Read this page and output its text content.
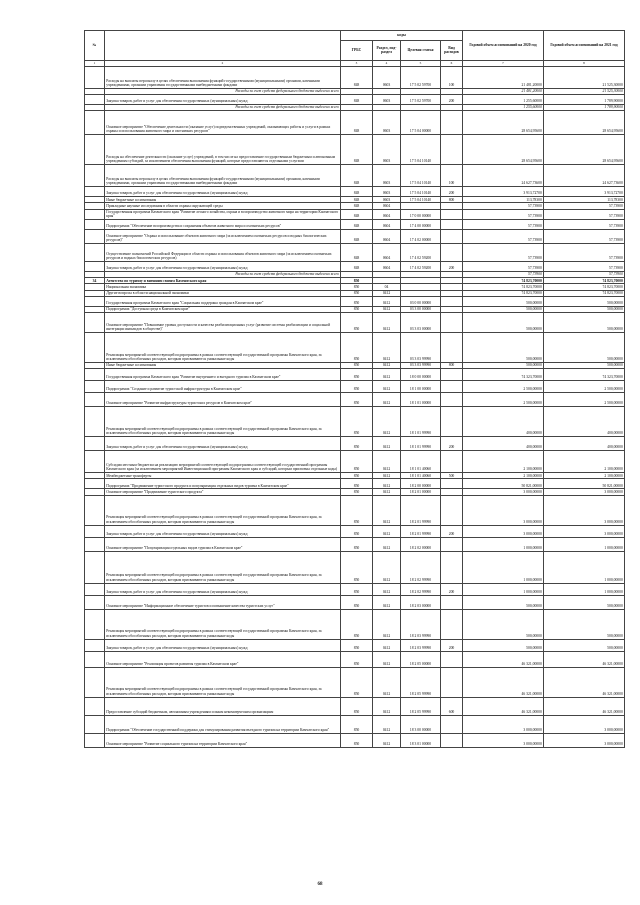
№		коды				Годовой объем ассигнований на 2020 год	Годовой объем ассигнований на 2021 год
		ГРБС	Раздел, под-раздел	Целевая статья	Вид расходов		
1	2	3	4	5	6	7	8
	Расходы на выплаты персоналу в целях обеспечения выполнения функций государственными (муниципальными) органами, казенными учреждениями, органами управления государственными внебюджетными фондами	848	0603	17 5 02 59700	100	21 481,20000	21 525,30000
	Расходы за счет средств федерального бюджета выделено всего					21 481,20000	21 525,30000
	Закупка товаров, работ и услуг для обеспечения государственных (муниципальных) нужд	848	0603	17 5 02 59700	200	1 255,60000	1 789,90000
	Расходы за счет средств федерального бюджета выделено всего					1 255,60000	1 789,90000
	Основное мероприятие "Обеспечение деятельности (оказание услуг) подведомственных учреждений, оказывающих работы и услуги в рамках охраны и использования животного мира и охотничьих ресурсов"	848	0603	17 5 04 00000		28 654,95600	28 654,95600
	Расходы на обеспечение деятельности (оказание услуг) учреждений, в том числе на предоставление государственным бюджетным и автономным учреждениям субсидий, за исключением обеспечения выполнения функций, которые предоставляются отдельными услугами	848	0603	17 5 04 10140		28 654,95600	28 654,95600
	Расходы на выплаты персоналу в целях обеспечения выполнения функций государственными (муниципальными) органами, казенными учреждениями, органами управления государственными внебюджетными фондами	848	0603	17 5 04 10140	100	24 627,73600	24 627,73600
	Закупка товаров, работ и услуг для обеспечения государственных (муниципальных) нужд	848	0603	17 5 04 10140	200	3 913,72700	3 913,72700
	Иные бюджетные ассигнования	848	0603	17 5 04 10140	800	113,78300	113,78300
	Прикладные научные исследования в области охраны окружающей среды	848	0604			57,73900	57,73900
	Государственная программа Камчатского края "Развитие лесного хозяйства, охрана и воспроизводство животного мира на территории Камчатского края"	848	0604	17 0 00 00000		57,73900	57,73900
	Подпрограмма "Обеспечение воспроизводства и сохранения объектов животного мира и охотничьих ресурсов"	848	0604	17 4 00 00000		57,73900	57,73900
	Основное мероприятие "Охрана и использование объектов животного мира (за исключением охотничьих ресурсов и водных биологических ресурсов)"	848	0604	17 4 02 00000		57,73900	57,73900
	Осуществление полномочий Российской Федерации в области охраны и использования объектов животного мира (за исключением охотничьих ресурсов и водных биологических ресурсов)	848	0604	17 4 02 59200		57,73900	57,73900
	Закупка товаров, работ и услуг для обеспечения государственных (муниципальных) нужд	848	0604	17 4 02 59200	200	57,73900	57,73900
	Расходы за счет средств федерального бюджета выделено всего					57,73900	57,73900
34	Агентство по туризму и внешним связям Камчатского края	850				74 823,70000	74 823,70000
	Национальная экономика	850	04			74 823,70000	74 823,70000
	Другие вопросы в области национальной экономики	850	0412			74 823,70000	74 823,70000
	Государственная программа Камчатского края "Социальная поддержка граждан в Камчатском крае"	850	0412	03 0 00 00000		500,00000	500,00000
	Подпрограмма "Доступная среда в Камчатском крае"	850	0412	03 3 00 00000		500,00000	500,00000
	Основное мероприятие "Повышение уровня доступности и качества реабилитационных услуг (развитие системы реабилитации и социальной интеграции инвалидов в обществе)"	850	0412	03 3 03 00000		500,00000	500,00000
	Реализация мероприятий соответствующей подпрограммы в рамках соответствующей государственной программы Камчатского края, за исключением обособленных расходов, которым присваиваются уникальные коды	850	0412	03 3 03 99990		500,00000	500,00000
	Иные бюджетные ассигнования	850	0412	03 3 03 99990	800	500,00000	500,00000
	Государственная программа Камчатского края "Развитие внутреннего и въездного туризма в Камчатском крае"	850	0412	18 0 00 00000		74 323,70000	74 323,70000
	Подпрограмма "Создание и развитие туристской инфраструктуры в Камчатском крае"	850	0412	18 1 00 00000		2 500,00000	2 500,00000
	Основное мероприятие "Развитие инфраструктуры туристских ресурсов в Камчатском крае"	850	0412	18 1 01 00000		2 500,00000	2 500,00000
	Реализация мероприятий соответствующей подпрограммы в рамках соответствующей государственной программы Камчатского края, за исключением обособленных расходов, которым присваиваются уникальные коды	850	0412	18 1 01 99990		400,00000	400,00000
	Закупка товаров, работ и услуг для обеспечения государственных (муниципальных) нужд	850	0412	18 1 01 99990	200	400,00000	400,00000
	Субсидии местным бюджетам на реализацию мероприятий соответствующей подпрограммы соответствующей государственной программы Камчатского края (за исключением мероприятий Инвестиционной программы Камчатского края и субсидий, которым присвоены отдельные коды)	850	0412	18 1 01 40060		2 100,00000	2 100,00000
	Межбюджетные трансферты	850	0412	18 1 01 40060	500	2 100,00000	2 100,00000
	Подпрограмма "Продвижение туристского продукта и популяризация отдельных видов туризма в Камчатском крае"	850	0412	18 2 00 00000		50 821,00000	50 821,00000
	Основное мероприятие "Продвижение туристского продукта"	850	0412	18 2 01 00000		3 000,00000	3 000,00000
	Реализация мероприятий соответствующей подпрограммы в рамках соответствующей государственной программы Камчатского края, за исключением обособленных расходов, которым присваиваются уникальные коды	850	0412	18 2 01 99990		3 000,00000	3 000,00000
	Закупка товаров, работ и услуг для обеспечения государственных (муниципальных) нужд	850	0412	18 2 01 99990	200	3 000,00000	3 000,00000
	Основное мероприятие "Популяризация отдельных видов туризма в Камчатском крае"	850	0412	18 2 02 00000		1 000,00000	1 000,00000
	Реализация мероприятий соответствующей подпрограммы в рамках соответствующей государственной программы Камчатского края, за исключением обособленных расходов, которым присваиваются уникальные коды	850	0412	18 2 02 99990		1 000,00000	1 000,00000
	Закупка товаров, работ и услуг для обеспечения государственных (муниципальных) нужд	850	0412	18 2 02 99990	200	1 000,00000	1 000,00000
	Основное мероприятие "Информационное обеспечение туристов и повышение качества туристских услуг"	850	0412	18 2 03 00000		500,00000	500,00000
	Реализация мероприятий соответствующей подпрограммы в рамках соответствующей государственной программы Камчатского края, за исключением обособленных расходов, которым присваиваются уникальные коды	850	0412	18 2 03 99990		500,00000	500,00000
	Закупка товаров, работ и услуг для обеспечения государственных (муниципальных) нужд	850	0412	18 2 03 99990	200	500,00000	500,00000
	Основное мероприятие "Реализация проектов развития туризма в Камчатском крае"	850	0412	18 2 05 00000		46 321,00000	46 321,00000
	Реализация мероприятий соответствующей подпрограммы в рамках соответствующей государственной программы Камчатского края, за исключением обособленных расходов, которым присваиваются уникальные коды	850	0412	18 2 05 99990		46 321,00000	46 321,00000
	Предоставление субсидий бюджетным, автономным учреждениям и иным некоммерческим организациям	850	0412	18 2 05 99990	600	46 321,00000	46 321,00000
	Подпрограмма "Обеспечение государственной поддержки для стимулирования развития въездного туризма на территории Камчатского края"	850	0412	18 3 00 00000		3 000,00000	3 000,00000
	Основное мероприятие "Развитие социального туризма на территории Камчатского края"	850	0412	18 3 01 00000		3 000,00000	3 000,00000
68
